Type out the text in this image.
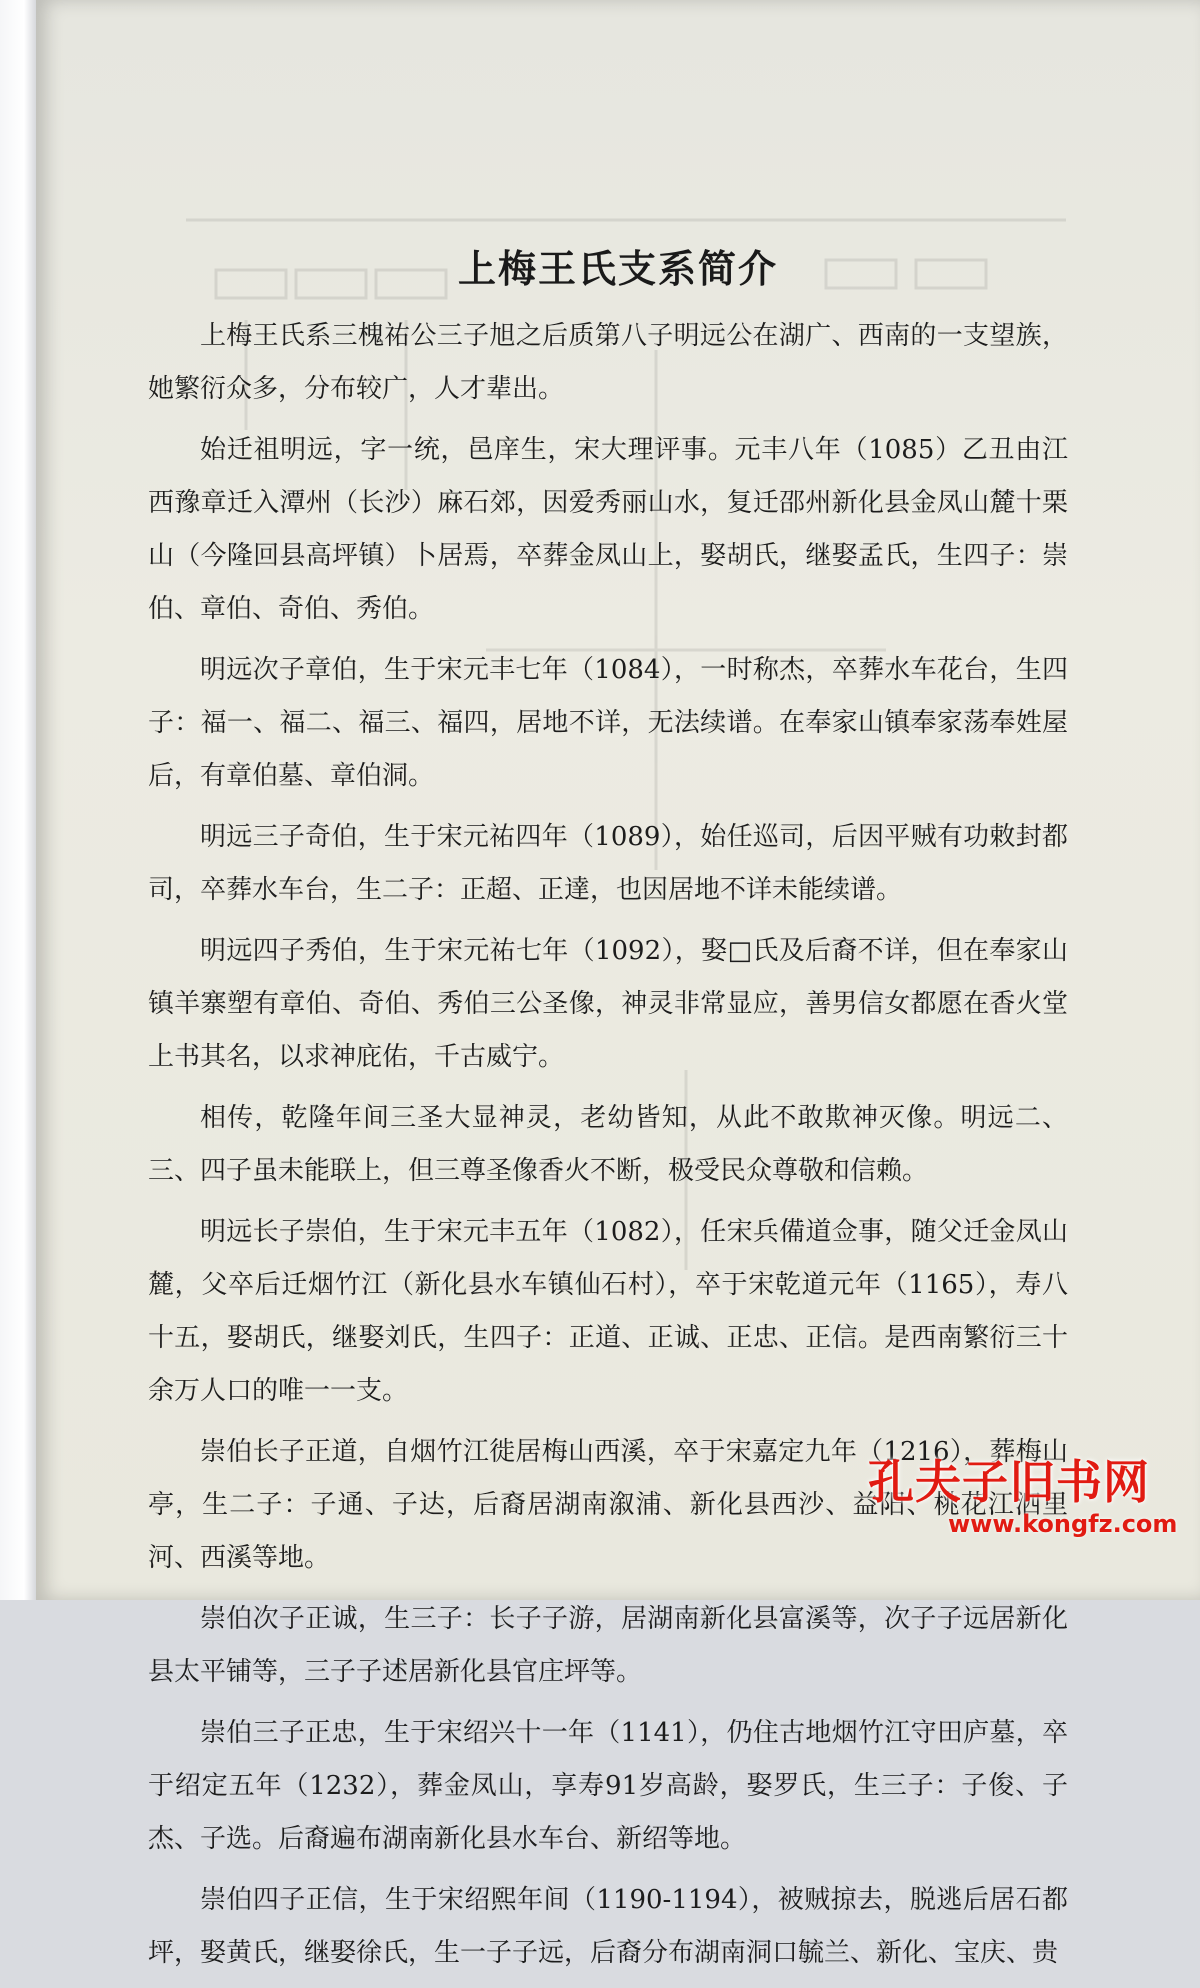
上梅王氏支系简介

上梅王氏系三槐祐公三子旭之后质第八子明远公在湖广、西南的一支望族，她繁衍众多，分布较广，人才辈出。

始迁祖明远，字一统，邑庠生，宋大理评事。元丰八年（1085）乙丑由江西豫章迁入潭州（长沙）麻石郊，因爱秀丽山水，复迁邵州新化县金凤山麓十栗山（今隆回县高坪镇）卜居焉，卒葬金凤山上，娶胡氏，继娶孟氏，生四子：崇伯、章伯、奇伯、秀伯。

明远次子章伯，生于宋元丰七年（1084），一时称杰，卒葬水车花台，生四子：福一、福二、福三、福四，居地不详，无法续谱。在奉家山镇奉家荡奉姓屋后，有章伯墓、章伯洞。

明远三子奇伯，生于宋元祐四年（1089），始任巡司，后因平贼有功敕封都司，卒葬水车台，生二子：正超、正達，也因居地不详未能续谱。

明远四子秀伯，生于宋元祐七年（1092），娶□氏及后裔不详，但在奉家山镇羊寨塑有章伯、奇伯、秀伯三公圣像，神灵非常显应，善男信女都愿在香火堂上书其名，以求神庇佑，千古威宁。

相传，乾隆年间三圣大显神灵，老幼皆知，从此不敢欺神灭像。明远二、三、四子虽未能联上，但三尊圣像香火不断，极受民众尊敬和信赖。

明远长子崇伯，生于宋元丰五年（1082），任宋兵備道佥事，随父迁金凤山麓，父卒后迁烟竹江（新化县水车镇仙石村），卒于宋乾道元年（1165），寿八十五，娶胡氏，继娶刘氏，生四子：正道、正诚、正忠、正信。是西南繁衍三十余万人口的唯一一支。

崇伯长子正道，自烟竹江徙居梅山西溪，卒于宋嘉定九年（1216），葬梅山亭，生二子：子通、子达，后裔居湖南溆浦、新化县西沙、益阳、桃花江泗里河、西溪等地。

崇伯次子正诚，生三子：长子子游，居湖南新化县富溪等，次子子远居新化县太平铺等，三子子述居新化县官庄坪等。

崇伯三子正忠，生于宋绍兴十一年（1141），仍住古地烟竹江守田庐墓，卒于绍定五年（1232），葬金凤山，享寿91岁高龄，娶罗氏，生三子：子俊、子杰、子选。后裔遍布湖南新化县水车台、新绍等地。

崇伯四子正信，生于宋绍熙年间（1190-1194），被贼掠去，脱逃后居石都坪，娶黄氏，继娶徐氏，生一子子远，后裔分布湖南洞口毓兰、新化、宝庆、贵

孔夫子旧书网
www.kongfz.com
